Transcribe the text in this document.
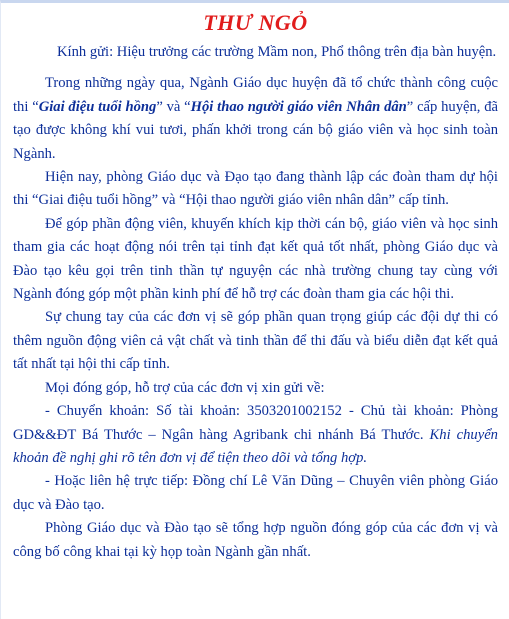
THƯ NGỎ

Kính gửi: Hiệu trưởng các trường Mầm non, Phổ thông trên địa bàn huyện.

Trong những ngày qua, Ngành Giáo dục huyện đã tổ chức thành công cuộc thi “Giai điệu tuổi hồng” và “Hội thao người giáo viên Nhân dân” cấp huyện, đã tạo được không khí vui tươi, phấn khởi trong cán bộ giáo viên và học sinh toàn Ngành.

Hiện nay, phòng Giáo dục và Đạo tạo đang thành lập các đoàn tham dự hội thi “Giai điệu tuổi hồng” và “Hội thao người giáo viên nhân dân” cấp tỉnh.

Để góp phần động viên, khuyến khích kịp thời cán bộ, giáo viên và học sinh tham gia các hoạt động nói trên tại tỉnh đạt kết quả tốt nhất, phòng Giáo dục và Đào tạo kêu gọi trên tinh thần tự nguyện các nhà trường chung tay cùng với Ngành đóng góp một phần kinh phí để hỗ trợ các đoàn tham gia các hội thi.

Sự chung tay của các đơn vị sẽ góp phần quan trọng giúp các đội dự thi có thêm nguồn động viên cả vật chất và tinh thần để thi đấu và biểu diễn đạt kết quả tất nhất tại hội thi cấp tỉnh.

Mọi đóng góp, hỗ trợ của các đơn vị xin gửi về:

- Chuyển khoản: Số tài khoản: 3503201002152 - Chủ tài khoản: Phòng GD&&ĐT Bá Thước – Ngân hàng Agribank chi nhánh Bá Thước. Khi chuyển khoản đề nghị ghi rõ tên đơn vị để tiện theo dõi và tổng hợp.

- Hoặc liên hệ trực tiếp: Đồng chí Lê Văn Dũng – Chuyên viên phòng Giáo dục và Đào tạo.

Phòng Giáo dục và Đào tạo sẽ tổng hợp nguồn đóng góp của các đơn vị và công bố công khai tại kỳ họp toàn Ngành gần nhất.
